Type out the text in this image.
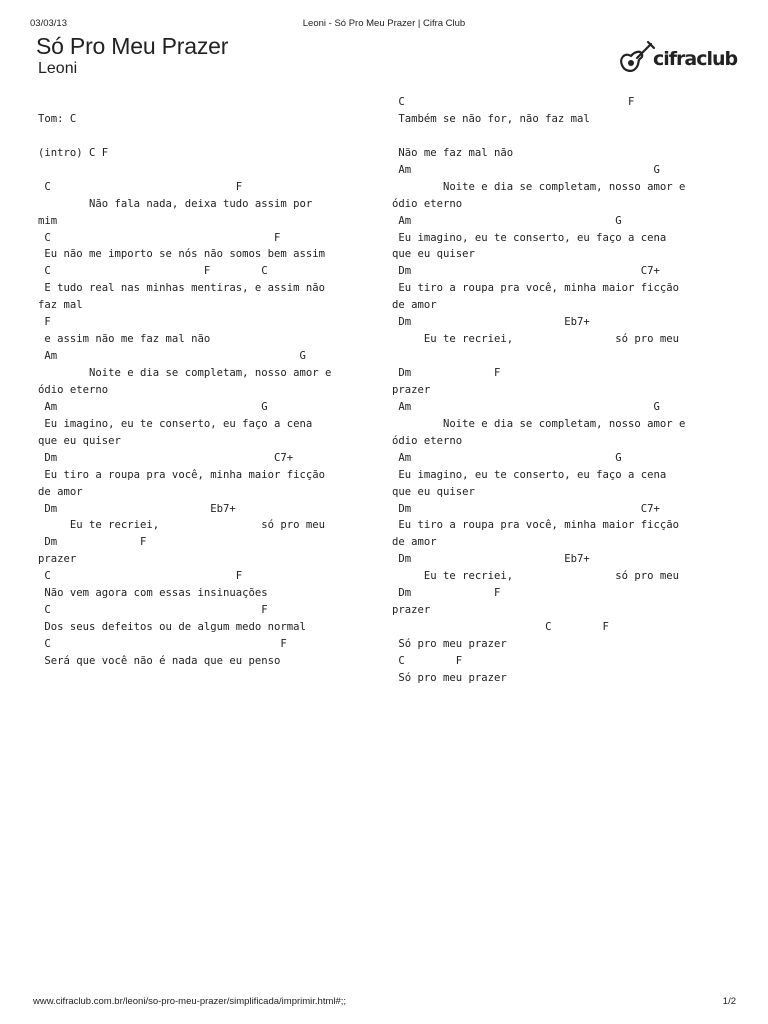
03/03/13	Leoni - Só Pro Meu Prazer | Cifra Club
Só Pro Meu Prazer
Leoni	cifraclub
Tom: C
(intro) C F
C                             F
Não fala nada, deixa tudo assim por
mim
C                                   F
Eu não me importo se nós não somos bem assim
C                        F        C
E tudo real nas minhas mentiras, e assim não
faz mal
F
e assim não me faz mal não
Am                                      G
Noite e dia se completam, nosso amor e
ódio eterno
Am                                G
Eu imagino, eu te conserto, eu faço a cena
que eu quiser
Dm                                  C7+
Eu tiro a roupa pra você, minha maior ficção
de amor
Dm                        Eb7+
Eu te recriei,                só pro meu
Dm             F
prazer
C                             F
Não vem agora com essas insinuações
C                                 F
Dos seus defeitos ou de algum medo normal
C                                    F
Será que você não é nada que eu penso
C                                   F
Também se não for, não faz mal
Não me faz mal não
Am                                      G
Noite e dia se completam, nosso amor e
ódio eterno
Am                                G
Eu imagino, eu te conserto, eu faço a cena
que eu quiser
Dm                                    C7+
Eu tiro a roupa pra você, minha maior ficção
de amor
Dm                        Eb7+
Eu te recriei,                só pro meu
Dm             F
prazer
Am                                      G
Noite e dia se completam, nosso amor e
ódio eterno
Am                                G
Eu imagino, eu te conserto, eu faço a cena
que eu quiser
Dm                                    C7+
Eu tiro a roupa pra você, minha maior ficção
de amor
Dm                        Eb7+
Eu te recriei,                só pro meu
Dm             F
prazer
C        F
Só pro meu prazer
C        F
Só pro meu prazer
www.cifraclub.com.br/leoni/so-pro-meu-prazer/simplificada/imprimir.html#;;	1/2
